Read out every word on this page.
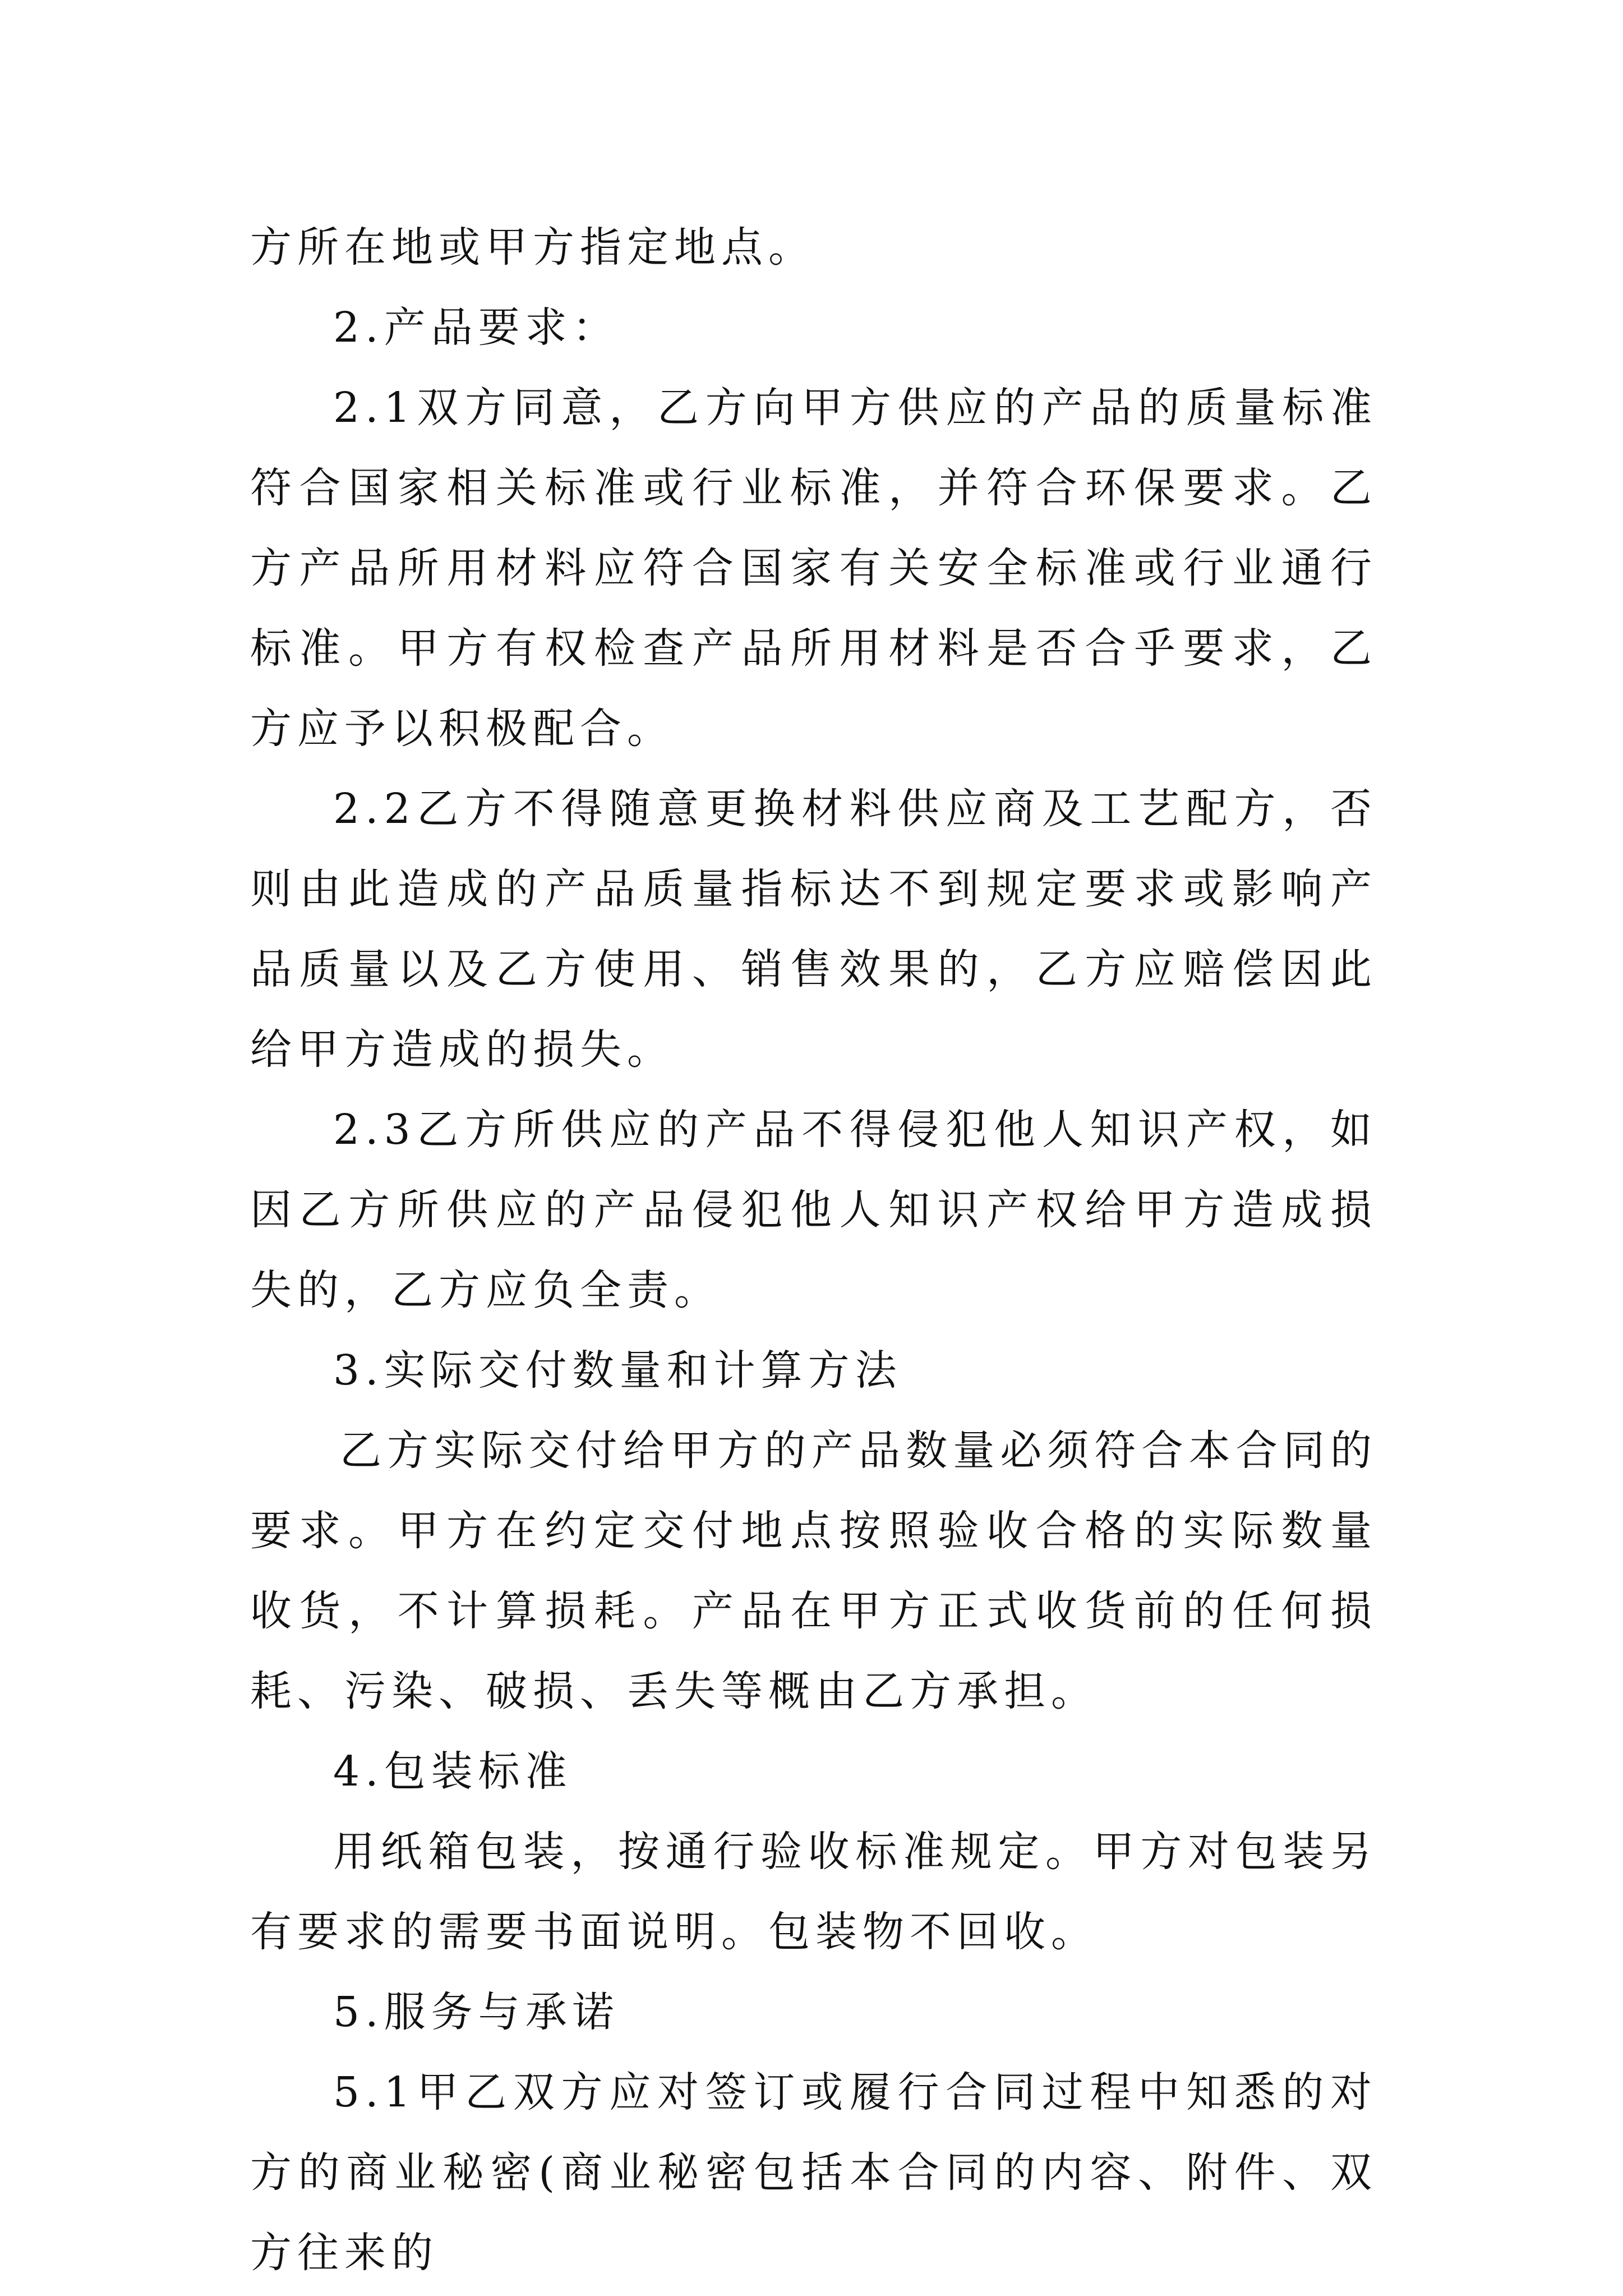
方所在地或甲方指定地点。

2.产品要求：

2.1双方同意，乙方向甲方供应的产品的质量标准符合国家相关标准或行业标准，并符合环保要求。乙方产品所用材料应符合国家有关安全标准或行业通行标准。甲方有权检查产品所用材料是否合乎要求，乙方应予以积极配合。

2.2乙方不得随意更换材料供应商及工艺配方，否则由此造成的产品质量指标达不到规定要求或影响产品质量以及乙方使用、销售效果的，乙方应赔偿因此给甲方造成的损失。

2.3乙方所供应的产品不得侵犯他人知识产权，如因乙方所供应的产品侵犯他人知识产权给甲方造成损失的，乙方应负全责。

3.实际交付数量和计算方法

乙方实际交付给甲方的产品数量必须符合本合同的要求。甲方在约定交付地点按照验收合格的实际数量收货，不计算损耗。产品在甲方正式收货前的任何损耗、污染、破损、丢失等概由乙方承担。

4.包装标准

用纸箱包装，按通行验收标准规定。甲方对包装另有要求的需要书面说明。包装物不回收。

5.服务与承诺

5.1甲乙双方应对签订或履行合同过程中知悉的对方的商业秘密(商业秘密包括本合同的内容、附件、双方往来的
